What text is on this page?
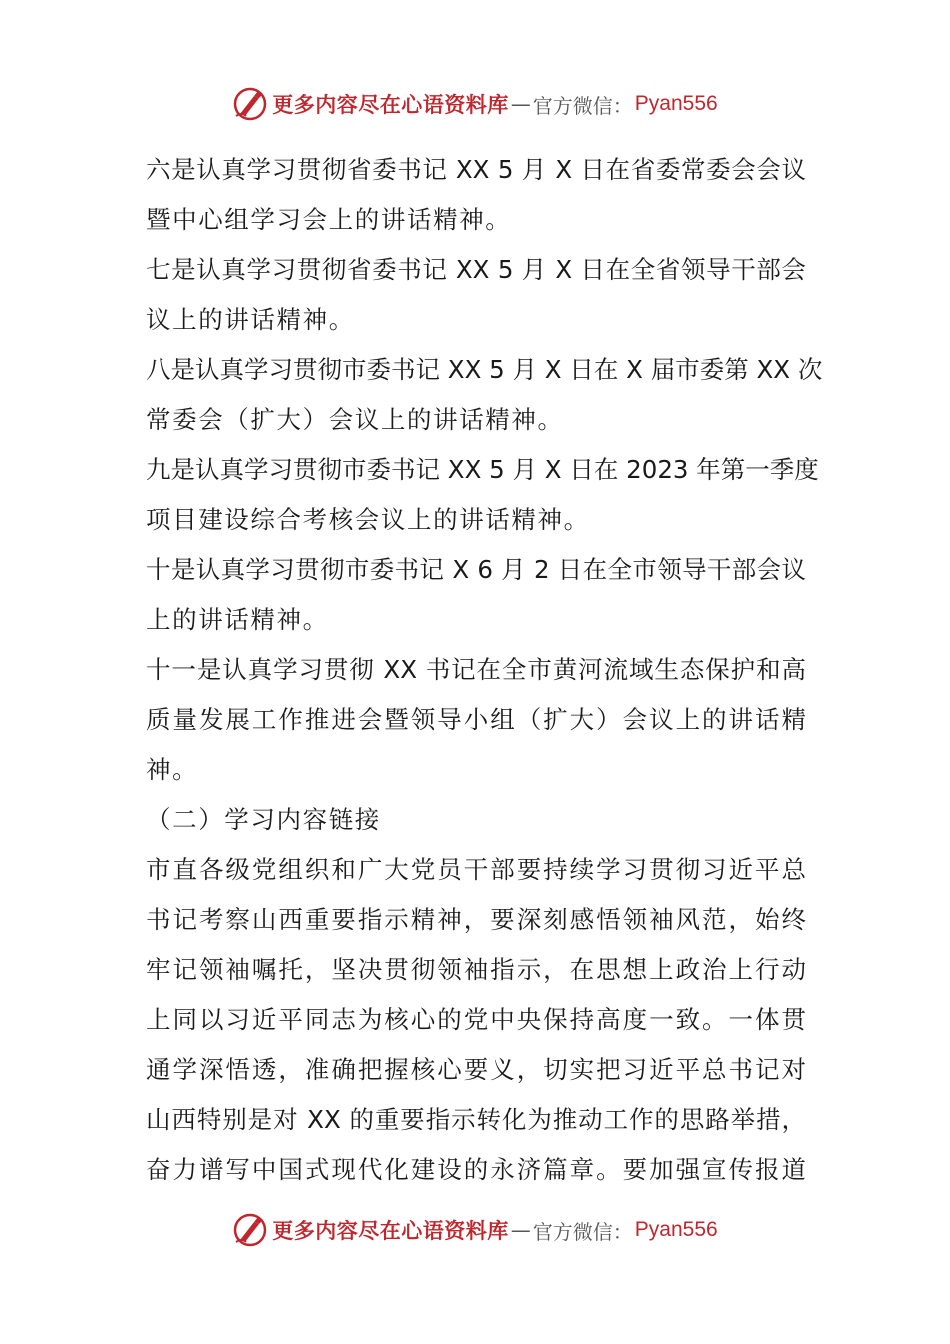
更多内容尽在心语资料库 — 官方微信： Pyan556
六是认真学习贯彻省委书记 XX 5 月 X 日在省委常委会会议
暨中心组学习会上的讲话精神。
七是认真学习贯彻省委书记 XX 5 月 X 日在全省领导干部会
议上的讲话精神。
八是认真学习贯彻市委书记 XX 5 月 X 日在 X 届市委第 XX 次
常委会（扩大）会议上的讲话精神。
九是认真学习贯彻市委书记 XX 5 月 X 日在 2023 年第一季度
项目建设综合考核会议上的讲话精神。
十是认真学习贯彻市委书记 X 6 月 2 日在全市领导干部会议
上的讲话精神。
十一是认真学习贯彻 XX 书记在全市黄河流域生态保护和高
质量发展工作推进会暨领导小组（扩大）会议上的讲话精
神。
（二）学习内容链接
市直各级党组织和广大党员干部要持续学习贯彻习近平总
书记考察山西重要指示精神，要深刻感悟领袖风范，始终
牢记领袖嘱托，坚决贯彻领袖指示，在思想上政治上行动
上同以习近平同志为核心的党中央保持高度一致。一体贯
通学深悟透，准确把握核心要义，切实把习近平总书记对
山西特别是对 XX 的重要指示转化为推动工作的思路举措，
奋力谱写中国式现代化建设的永济篇章。要加强宣传报道
更多内容尽在心语资料库 — 官方微信： Pyan556
